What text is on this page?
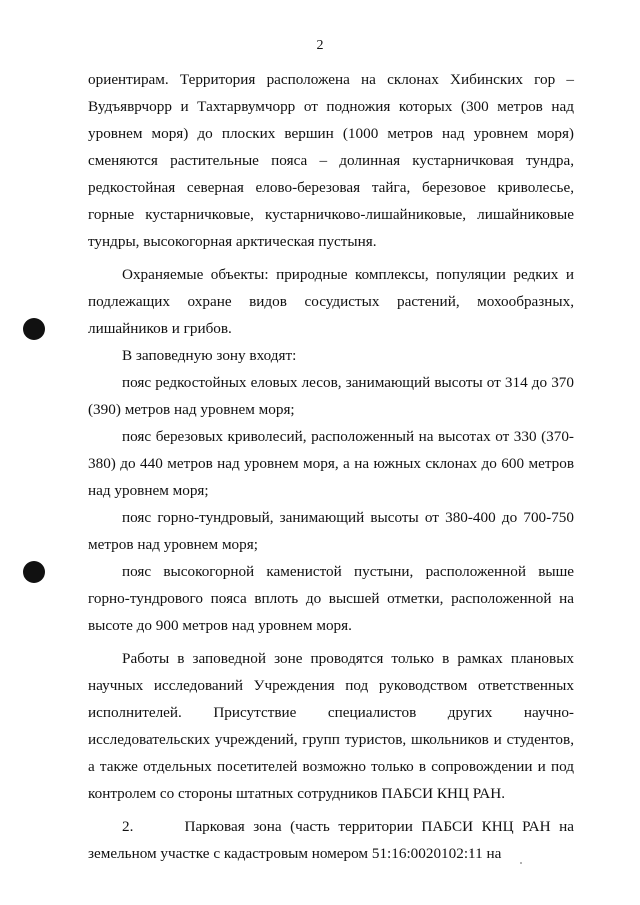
2

ориентирам. Территория расположена на склонах Хибинских гор – Вудъяврчорр и Тахтарвумчорр от подножия которых (300 метров над уровнем моря) до плоских вершин (1000 метров над уровнем моря) сменяются растительные пояса – долинная кустарничковая тундра, редкостойная северная елово-березовая тайга, березовое криволесье, горные кустарничковые, кустарничково-лишайниковые, лишайниковые тундры, высокогорная арктическая пустыня.

Охраняемые объекты: природные комплексы, популяции редких и подлежащих охране видов сосудистых растений, мохообразных, лишайников и грибов.

В заповедную зону входят:

пояс редкостойных еловых лесов, занимающий высоты от 314 до 370 (390) метров над уровнем моря;

пояс березовых криволесий, расположенный на высотах от 330 (370-380) до 440 метров над уровнем моря, а на южных склонах до 600 метров над уровнем моря;

пояс горно-тундровый, занимающий высоты от 380-400 до 700-750 метров над уровнем моря;

пояс высокогорной каменистой пустыни, расположенной выше горно-тундрового пояса вплоть до высшей отметки, расположенной на высоте до 900 метров над уровнем моря.

Работы в заповедной зоне проводятся только в рамках плановых научных исследований Учреждения под руководством ответственных исполнителей. Присутствие специалистов других научно-исследовательских учреждений, групп туристов, школьников и студентов, а также отдельных посетителей возможно только в сопровождении и под контролем со стороны штатных сотрудников ПАБСИ КНЦ РАН.

2.      Парковая зона (часть территории ПАБСИ КНЦ РАН на земельном участке с кадастровым номером 51:16:0020102:11 на
